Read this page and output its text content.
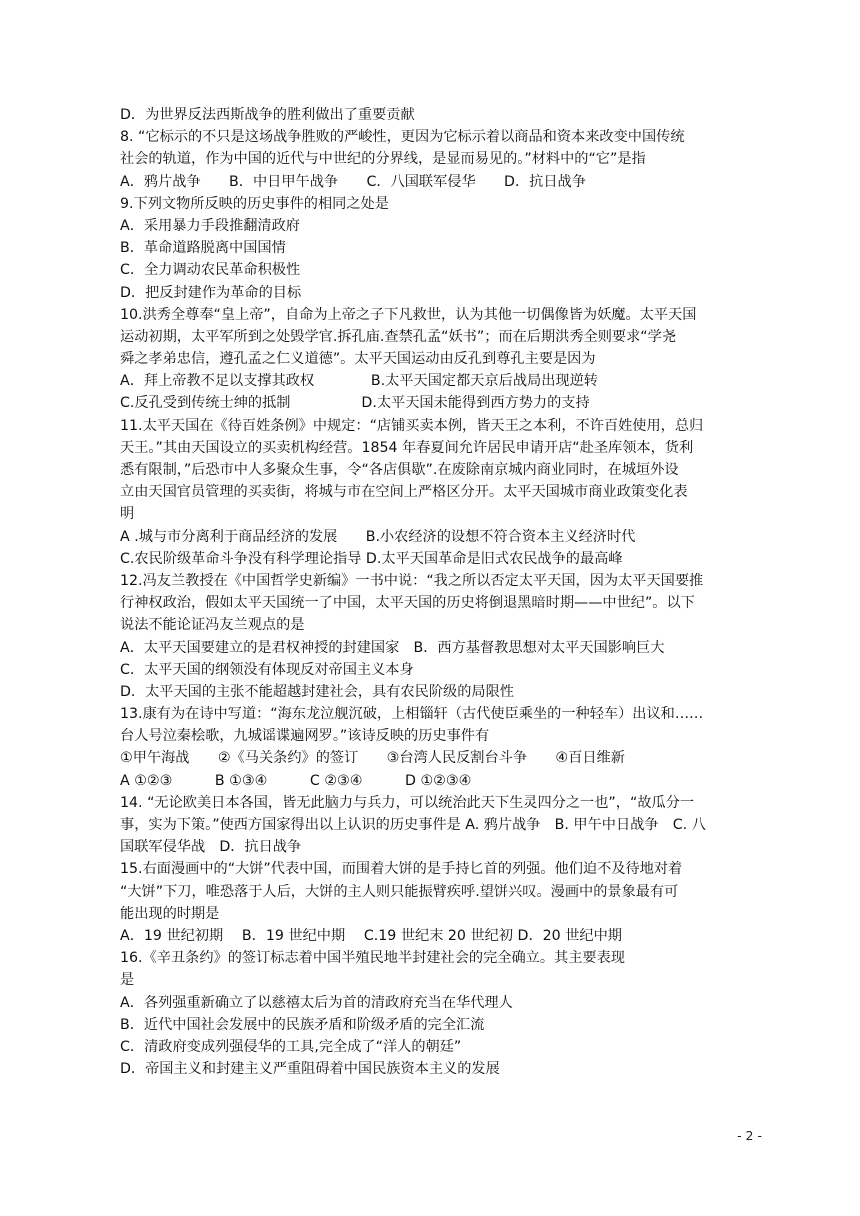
D．为世界反法西斯战争的胜利做出了重要贡献
8. “它标示的不只是这场战争胜败的严峻性，更因为它标示着以商品和资本来改变中国传统
社会的轨道，作为中国的近代与中世纪的分界线，是显而易见的。”材料中的“它”是指
A．鸦片战争　　B．中日甲午战争　　C．八国联军侵华　　D．抗日战争
9.下列文物所反映的历史事件的相同之处是
A．采用暴力手段推翻清政府
B．革命道路脱离中国国情
C．全力调动农民革命积极性
D．把反封建作为革命的目标
10.洪秀全尊奉“皇上帝”，自命为上帝之子下凡救世，认为其他一切偶像皆为妖魔。太平天国
运动初期，太平军所到之处毁学官.拆孔庙.查禁孔孟“妖书”；而在后期洪秀全则要求“学尧
舜之孝弟忠信，遵孔孟之仁义道德”。太平天国运动由反孔到尊孔主要是因为
A．拜上帝教不足以支撑其政权　　　　B.太平天国定都天京后战局出现逆转
C.反孔受到传统士绅的抵制　　　　　D.太平天国未能得到西方势力的支持
11.太平天国在《待百姓条例》中规定：“店铺买卖本例，皆天王之本利，不许百姓使用，总归
天王。”其由天国设立的买卖机构经营。1854 年春夏间允许居民申请开店“赴圣库领本，货利
悉有限制，”后恐市中人多聚众生事，令“各店俱歇”.在废除南京城内商业同时，在城垣外设
立由天国官员管理的买卖街，将城与市在空间上严格区分开。太平天国城市商业政策变化表
明
A .城与市分离利于商品经济的发展　　B.小农经济的设想不符合资本主义经济时代
C.农民阶级革命斗争没有科学理论指导 D.太平天国革命是旧式农民战争的最高峰
12.冯友兰教授在《中国哲学史新编》一书中说：“我之所以否定太平天国，因为太平天国要推
行神权政治，假如太平天国统一了中国，太平天国的历史将倒退黑暗时期——中世纪”。以下
说法不能论证冯友兰观点的是
A．太平天国要建立的是君权神授的封建国家　B．西方基督教思想对太平天国影响巨大
C．太平天国的纲领没有体现反对帝国主义本身
D．太平天国的主张不能超越封建社会，具有农民阶级的局限性
13.康有为在诗中写道：“海东龙泣舰沉破，上相锱轩（古代使臣乘坐的一种轻车）出议和……
台人号泣秦桧歌，九城谣谍遍网罗。”该诗反映的历史事件有
①甲午海战　　②《马关条约》的签订　　③台湾人民反割台斗争　　④百日维新
A ①②③　　　B ①③④　　　C ②③④　　　D ①②③④
14. “无论欧美日本各国，皆无此脑力与兵力，可以统治此天下生灵四分之一也”，“故瓜分一
事，实为下策。”使西方国家得出以上认识的历史事件是 A. 鸦片战争　B. 甲午中日战争　C. 八
国联军侵华战　D．抗日战争
15.右面漫画中的“大饼”代表中国，而围着大饼的是手持匕首的列强。他们迫不及待地对着
“大饼”下刀，唯恐落于人后，大饼的主人则只能振臂疾呼.望饼兴叹。漫画中的景象最有可
能出现的时期是
A．19 世纪初期　 B．19 世纪中期　 C.19 世纪末 20 世纪初 D．20 世纪中期
16.《辛丑条约》的签订标志着中国半殖民地半封建社会的完全确立。其主要表现
是
A．各列强重新确立了以慈禧太后为首的清政府充当在华代理人
B．近代中国社会发展中的民族矛盾和阶级矛盾的完全汇流
C．清政府变成列强侵华的工具,完全成了“洋人的朝廷”
D．帝国主义和封建主义严重阻碍着中国民族资本主义的发展
- 2 -
